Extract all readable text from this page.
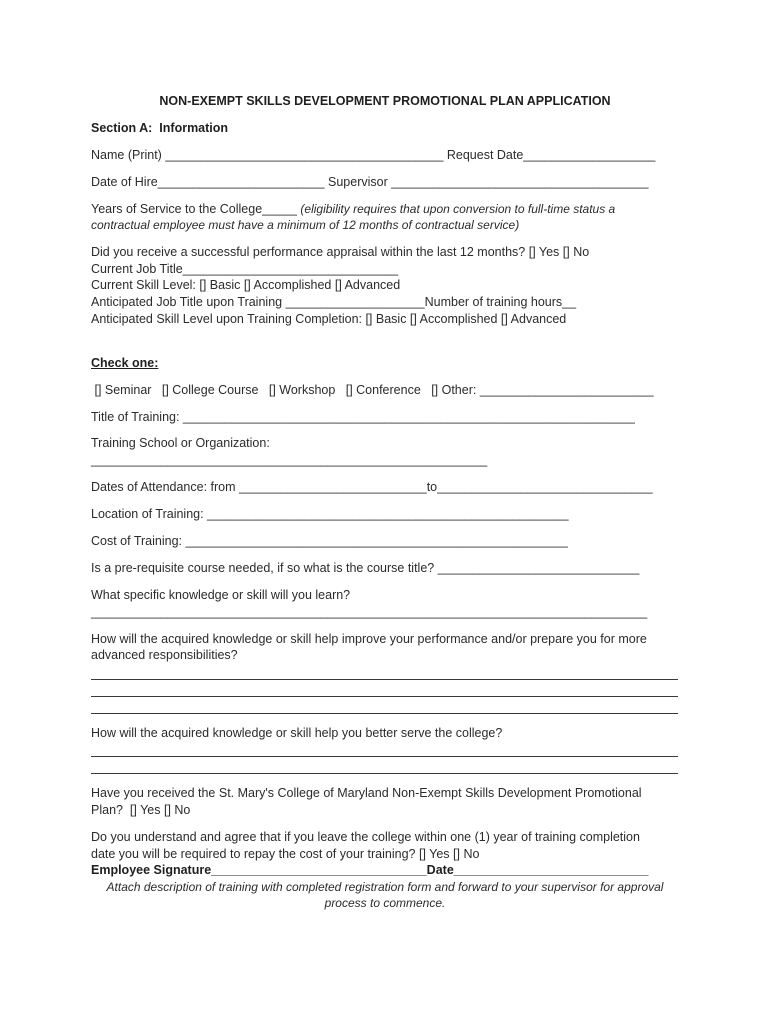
NON-EXEMPT SKILLS DEVELOPMENT PROMOTIONAL PLAN APPLICATION
Section A:  Information
Name (Print) ________________________________________ Request Date___________________
Date of Hire________________________ Supervisor _____________________________________
Years of Service to the College_____ (eligibility requires that upon conversion to full-time status a
contractual employee must have a minimum of 12 months of contractual service)
Did you receive a successful performance appraisal within the last 12 months? [] Yes [] No
Current Job Title_______________________________
Current Skill Level: [] Basic [] Accomplished [] Advanced
Anticipated Job Title upon Training ____________________Number of training hours__
Anticipated Skill Level upon Training Completion: [] Basic [] Accomplished [] Advanced
Check one:
[] Seminar   [] College Course   [] Workshop   [] Conference   [] Other: _________________________
Title of Training: _________________________________________________________________
Training School or Organization:
_________________________________________________________
Dates of Attendance: from ___________________________to_______________________________
Location of Training: ____________________________________________________
Cost of Training: _______________________________________________________
Is a pre-requisite course needed, if so what is the course title? _____________________________
What specific knowledge or skill will you learn?
________________________________________________________________________________
How will the acquired knowledge or skill help improve your performance and/or prepare you for more
advanced responsibilities?
How will the acquired knowledge or skill help you better serve the college?
Have you received the St. Mary's College of Maryland Non-Exempt Skills Development Promotional
Plan?  [] Yes [] No
Do you understand and agree that if you leave the college within one (1) year of training completion
date you will be required to repay the cost of your training? [] Yes [] No
Employee Signature_______________________________Date____________________________
Attach description of training with completed registration form and forward to your supervisor for approval
process to commence.
